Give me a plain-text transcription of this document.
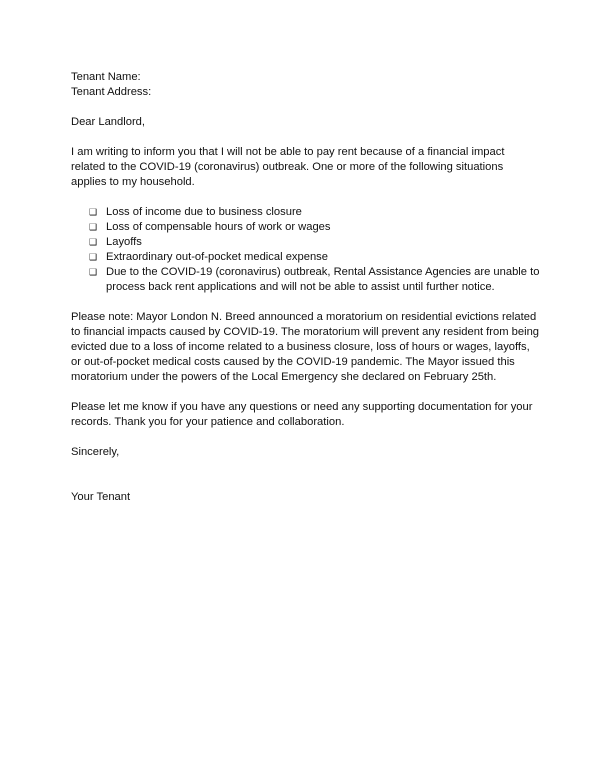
Tenant Name:

Tenant Address:

Dear Landlord,

I am writing to inform you that I will not be able to pay rent because of a financial impact related to the COVID-19 (coronavirus) outbreak. One or more of the following situations applies to my household.

❑ Loss of income due to business closure
❑ Loss of compensable hours of work or wages
❑ Layoffs
❑ Extraordinary out-of-pocket medical expense
❑ Due to the COVID-19 (coronavirus) outbreak, Rental Assistance Agencies are unable to process back rent applications and will not be able to assist until further notice.

Please note: Mayor London N. Breed announced a moratorium on residential evictions related to financial impacts caused by COVID-19. The moratorium will prevent any resident from being evicted due to a loss of income related to a business closure, loss of hours or wages, layoffs, or out-of-pocket medical costs caused by the COVID-19 pandemic. The Mayor issued this moratorium under the powers of the Local Emergency she declared on February 25th.

Please let me know if you have any questions or need any supporting documentation for your records. Thank you for your patience and collaboration.

Sincerely,

Your Tenant
